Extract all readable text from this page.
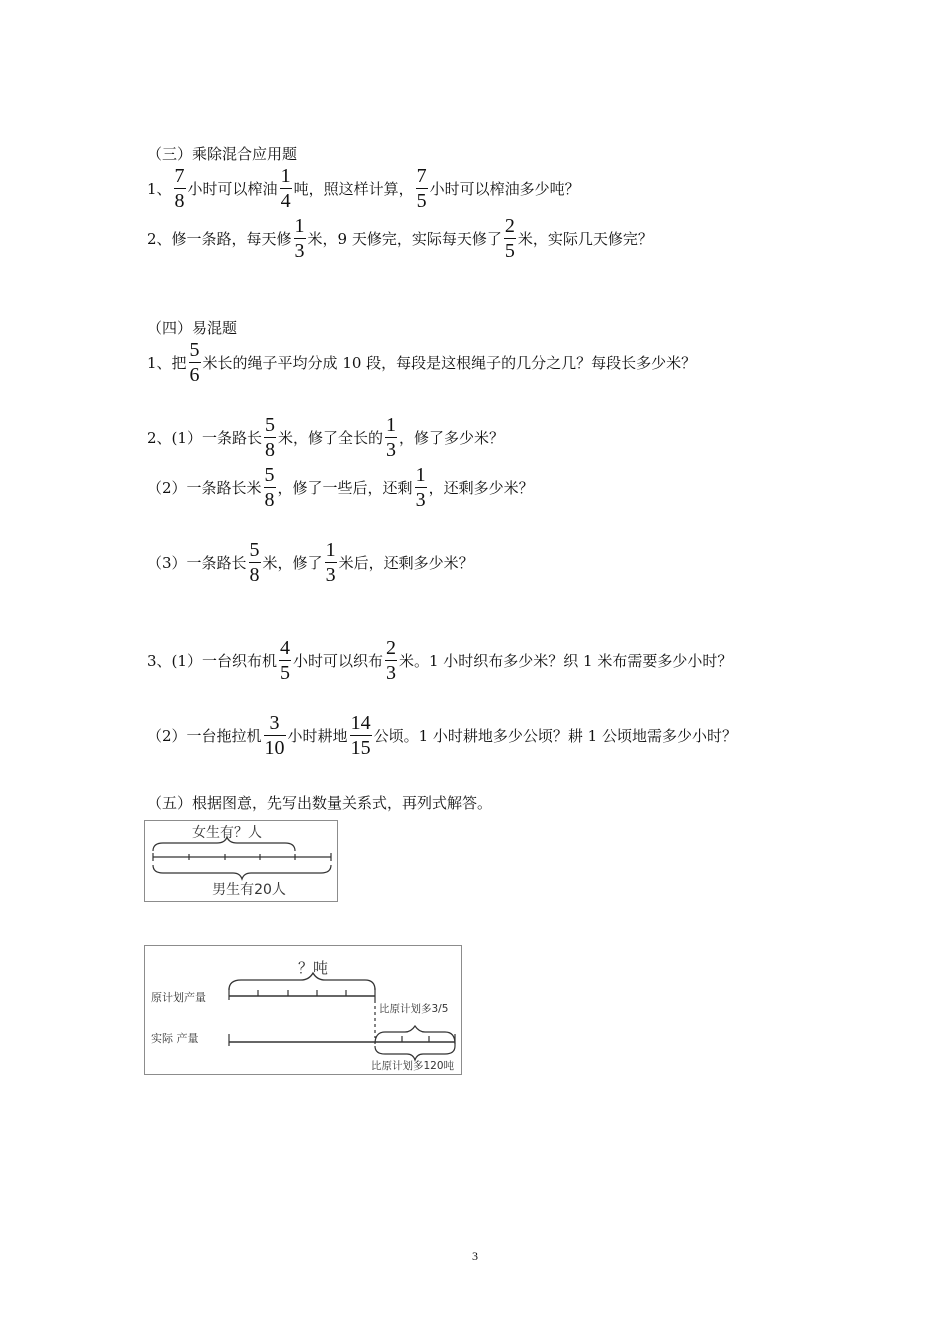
（三）乘除混合应用题
1、 $\frac{7}{8}$ 小时可以榨油 $\frac{1}{4}$ 吨，照这样计算， $\frac{7}{5}$ 小时可以榨油多少吨？
2、修一条路，每天修 $\frac{1}{3}$ 米，9 天修完，实际每天修了 $\frac{2}{5}$ 米，实际几天修完？
（四）易混题
1、把 $\frac{5}{6}$ 米长的绳子平均分成 10 段，每段是这根绳子的几分之几？每段长多少米？
2、(1）一条路长 $\frac{5}{8}$ 米，修了全长的 $\frac{1}{3}$ ，修了多少米？
（2）一条路长米 $\frac{5}{8}$ ，修了一些后，还剩 $\frac{1}{3}$ ，还剩多少米？
（3）一条路长 $\frac{5}{8}$ 米，修了 $\frac{1}{3}$ 米后，还剩多少米？
3、(1）一台织布机 $\frac{4}{5}$ 小时可以织布 $\frac{2}{3}$ 米。1 小时织布多少米？织 1 米布需要多少小时？
（2）一台拖拉机 $\frac{3}{10}$ 小时耕地 $\frac{14}{15}$ 公顷。1 小时耕地多少公顷？耕 1 公顷地需多少小时？
（五）根据图意，先写出数量关系式，再列式解答。
女生有？人
男生有20人
？吨
原计划产量
比原计划多3/5
实际 产量
比原计划多120吨
3
